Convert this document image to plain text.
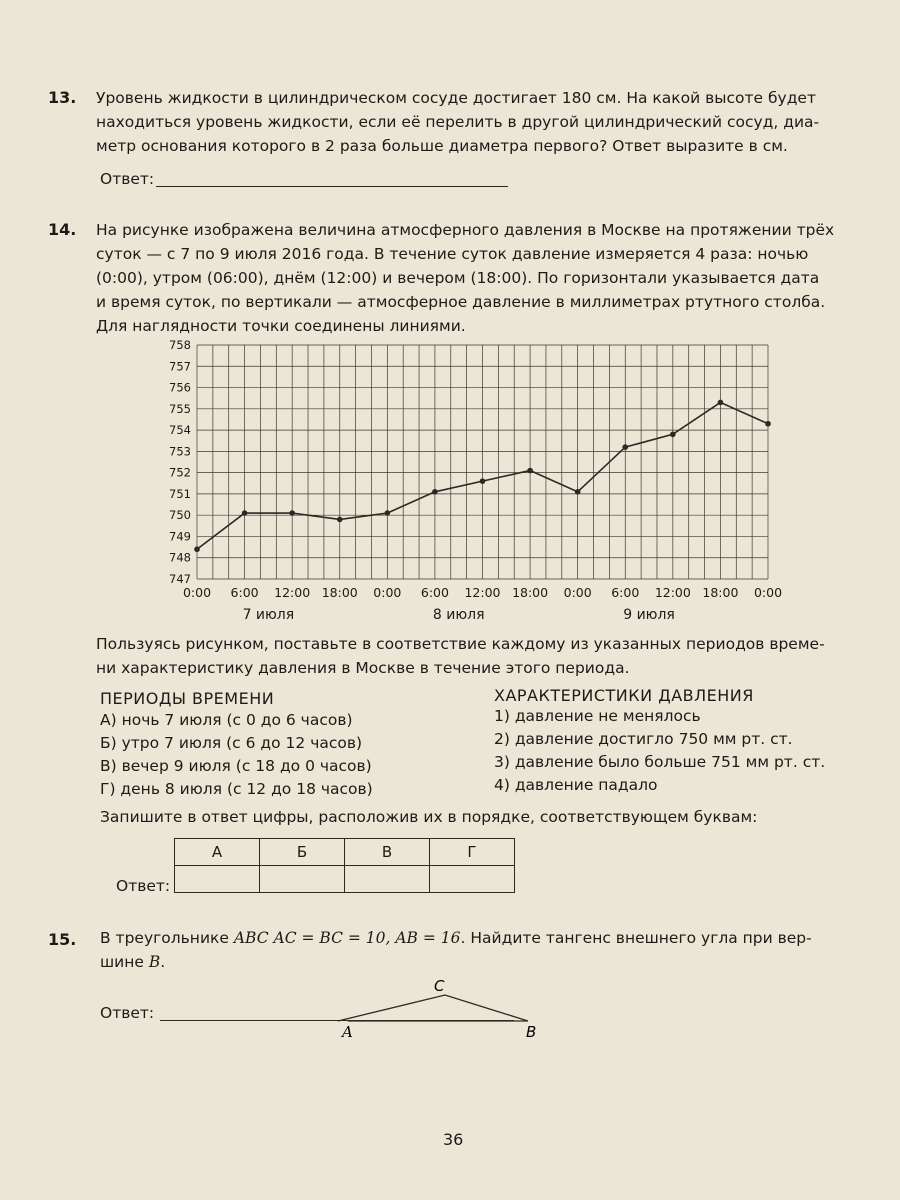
13. Уровень жидкости в цилиндрическом сосуде достигает 180 см. На какой высоте будет
находиться уровень жидкости, если её перелить в другой цилиндрический сосуд, диа-
метр основания которого в 2 раза больше диаметра первого? Ответ выразите в см.
Ответ:
14. На рисунке изображена величина атмосферного давления в Москве на протяжении трёх
суток — с 7 по 9 июля 2016 года. В течение суток давление измеряется 4 раза: ночью
(0:00), утром (06:00), днём (12:00) и вечером (18:00). По горизонтали указывается дата
и время суток, по вертикали — атмосферное давление в миллиметрах ртутного столба.
Для наглядности точки соединены линиями.
747
748
749
750
751
752
753
754
755
756
757
758
0:00 6:00 12:00 18:00 0:00 6:00 12:00 18:00 0:00 6:00 12:00 18:00 0:00
7 июля	8 июля	9 июля
Пользуясь рисунком, поставьте в соответствие каждому из указанных периодов време-
ни характеристику давления в Москве в течение этого периода.
ПЕРИОДЫ ВРЕМЕНИ
А) ночь 7 июля (с 0 до 6 часов)
Б) утро 7 июля (с 6 до 12 часов)
В) вечер 9 июля (с 18 до 0 часов)
Г) день 8 июля (с 12 до 18 часов)
ХАРАКТЕРИСТИКИ ДАВЛЕНИЯ
1) давление не менялось
2) давление достигло 750 мм рт. ст.
3) давление было больше 751 мм рт. ст.
4) давление падало
Запишите в ответ цифры, расположив их в порядке, соответствующем буквам:
А	Б	В	Г

Ответ:
15. В треугольнике ABC AC = BC = 10, AB = 16. Найдите тангенс внешнего угла при вер-
шине B.
A	B
C
Ответ:
36
